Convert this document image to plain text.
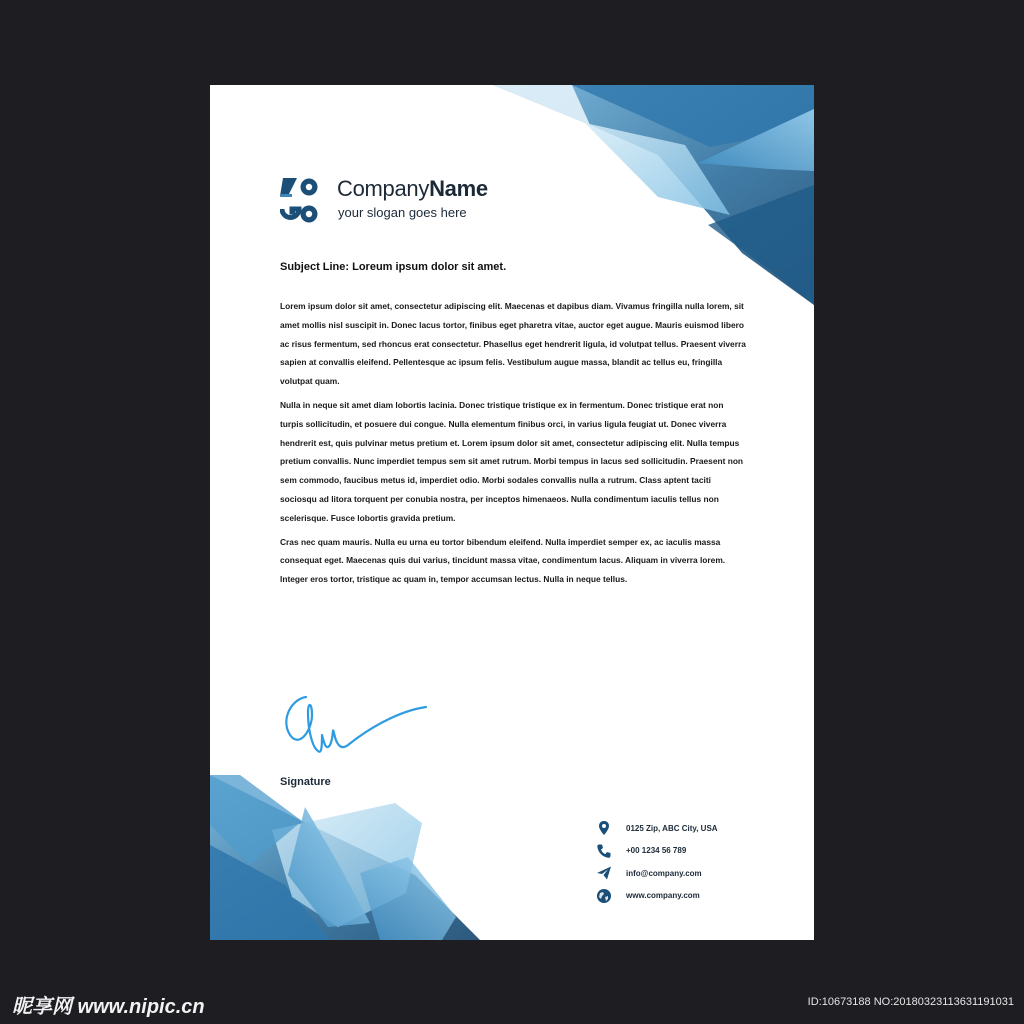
CompanyName
your slogan goes here
Subject Line: Loreum ipsum dolor sit amet.

Lorem ipsum dolor sit amet, consectetur adipiscing elit. Maecenas et dapibus diam. Vivamus fringilla nulla lorem, sit amet mollis nisl suscipit in. Donec lacus tortor, finibus eget pharetra vitae, auctor eget augue. Mauris euismod libero ac risus fermentum, sed rhoncus erat consectetur. Phasellus eget hendrerit ligula, id volutpat tellus. Praesent viverra sapien at convallis eleifend. Pellentesque ac ipsum felis. Vestibulum augue massa, blandit ac tellus eu, fringilla volutpat quam.

Nulla in neque sit amet diam lobortis lacinia. Donec tristique tristique ex in fermentum. Donec tristique erat non turpis sollicitudin, et posuere dui congue. Nulla elementum finibus orci, in varius ligula feugiat ut. Donec viverra hendrerit est, quis pulvinar metus pretium et. Lorem ipsum dolor sit amet, consectetur adipiscing elit. Nulla tempus pretium convallis. Nunc imperdiet tempus sem sit amet rutrum. Morbi tempus in lacus sed sollicitudin. Praesent non sem commodo, faucibus metus id, imperdiet odio. Morbi sodales convallis nulla a rutrum. Class aptent taciti sociosqu ad litora torquent per conubia nostra, per inceptos himenaeos. Nulla condimentum iaculis tellus non scelerisque. Fusce lobortis gravida pretium.

Cras nec quam mauris. Nulla eu urna eu tortor bibendum eleifend. Nulla imperdiet semper ex, ac iaculis massa consequat eget. Maecenas quis dui varius, tincidunt massa vitae, condimentum lacus. Aliquam in viverra lorem. Integer eros tortor, tristique ac quam in, tempor accumsan lectus. Nulla in neque tellus.

Signature
0125 Zip, ABC City, USA
+00 1234 56 789
info@company.com
www.company.com
昵享网 www.nipic.cn	ID:10673188 NO:20180323113631191031
